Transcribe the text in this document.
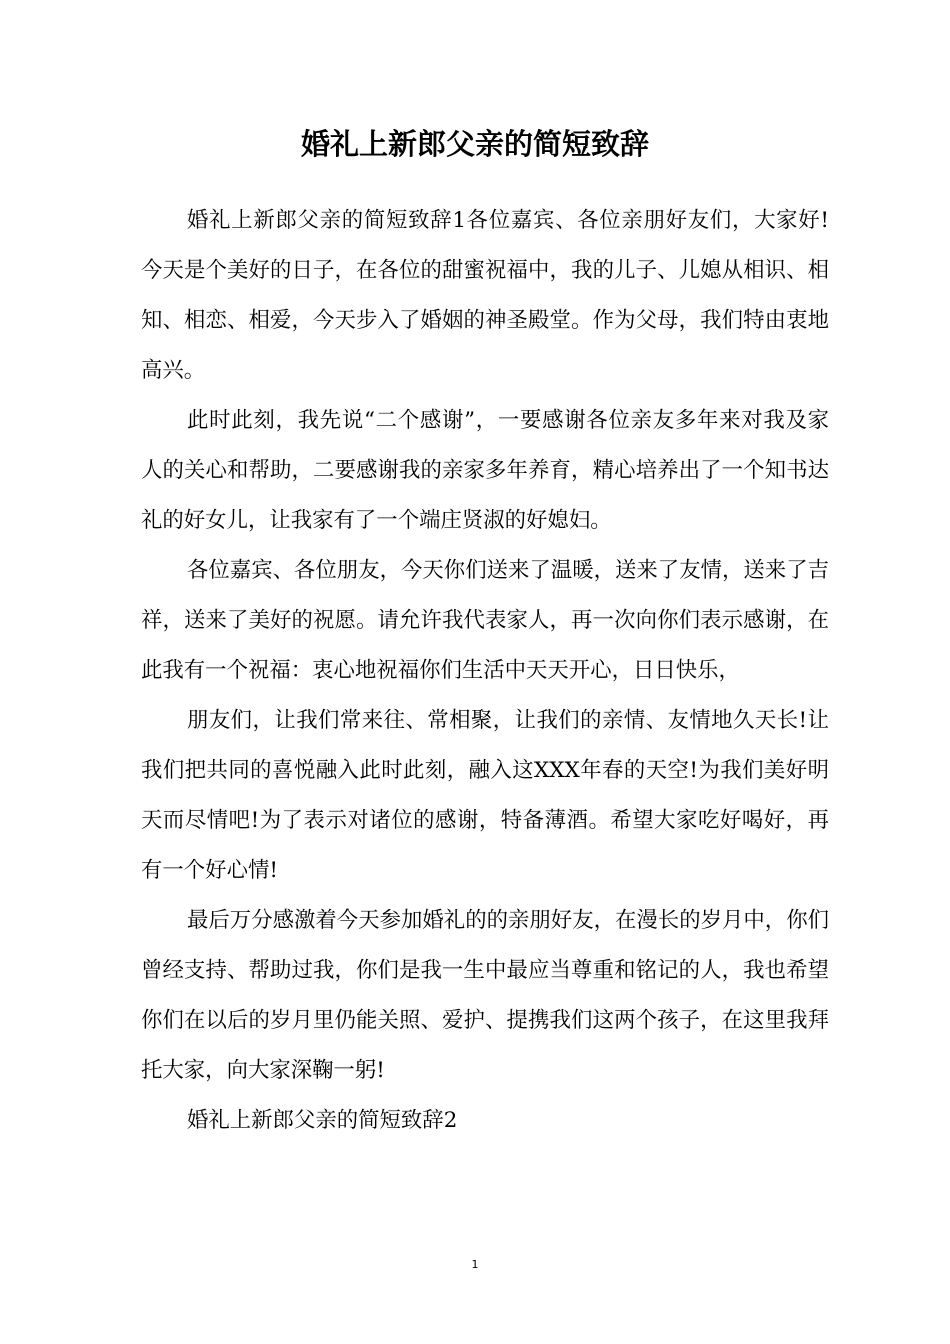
婚礼上新郎父亲的简短致辞

婚礼上新郎父亲的简短致辞1各位嘉宾、各位亲朋好友们，大家好!今天是个美好的日子，在各位的甜蜜祝福中，我的儿子、儿媳从相识、相知、相恋、相爱，今天步入了婚姻的神圣殿堂。作为父母，我们特由衷地高兴。

此时此刻，我先说“二个感谢”，一要感谢各位亲友多年来对我及家人的关心和帮助，二要感谢我的亲家多年养育，精心培养出了一个知书达礼的好女儿，让我家有了一个端庄贤淑的好媳妇。

各位嘉宾、各位朋友，今天你们送来了温暖，送来了友情，送来了吉祥，送来了美好的祝愿。请允许我代表家人，再一次向你们表示感谢，在此我有一个祝福：衷心地祝福你们生活中天天开心，日日快乐，

朋友们，让我们常来往、常相聚，让我们的亲情、友情地久天长!让我们把共同的喜悦融入此时此刻，融入这XXX年春的天空!为我们美好明天而尽情吧!为了表示对诸位的感谢，特备薄酒。希望大家吃好喝好，再有一个好心情!

最后万分感激着今天参加婚礼的的亲朋好友，在漫长的岁月中，你们曾经支持、帮助过我，你们是我一生中最应当尊重和铭记的人，我也希望你们在以后的岁月里仍能关照、爱护、提携我们这两个孩子，在这里我拜托大家，向大家深鞠一躬!

婚礼上新郎父亲的简短致辞2

1
